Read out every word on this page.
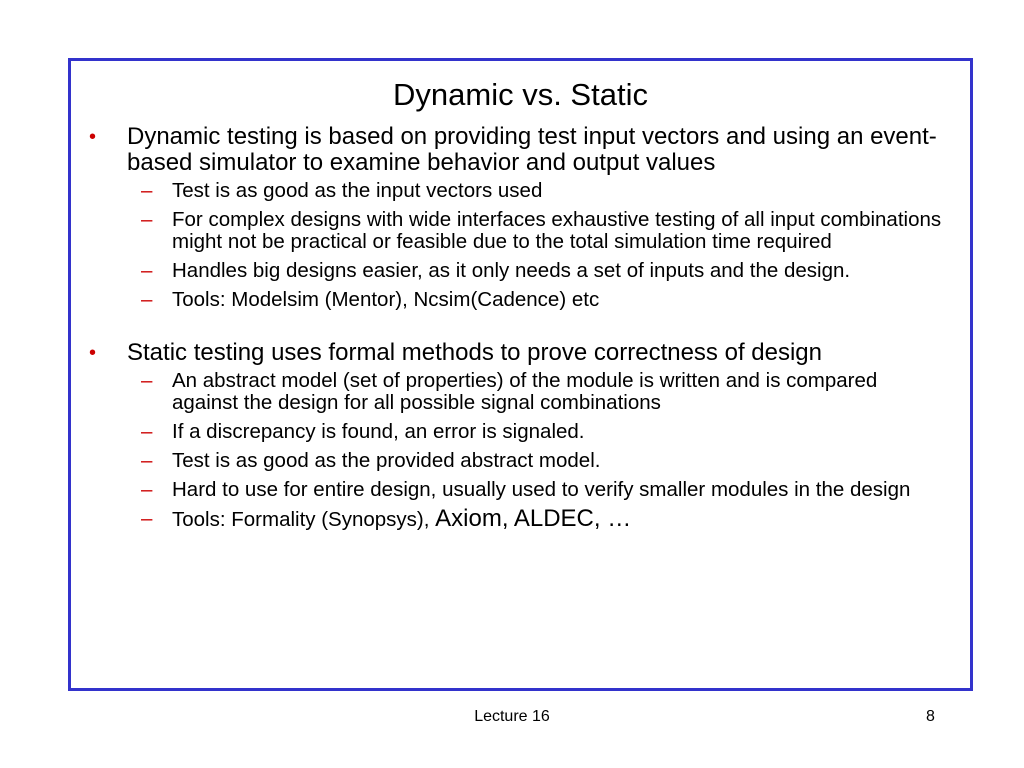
Dynamic vs. Static
• Dynamic testing is based on providing test input vectors and using an event-based simulator to examine behavior and output values
– Test is as good as the input vectors used
– For complex designs with wide interfaces exhaustive testing of all input combinations might not be practical or feasible due to the total simulation time required
– Handles big designs easier, as it only needs a set of inputs and the design.
– Tools: Modelsim (Mentor), Ncsim(Cadence) etc
• Static testing uses formal methods to prove correctness of design
– An abstract model (set of properties) of the module is written and is compared against the design for all possible signal combinations
– If a discrepancy is found, an error is signaled.
– Test is as good as the provided abstract model.
– Hard to use for entire design, usually used to verify smaller modules in the design
– Tools: Formality (Synopsys), Axiom, ALDEC, …
Lecture 16	8
